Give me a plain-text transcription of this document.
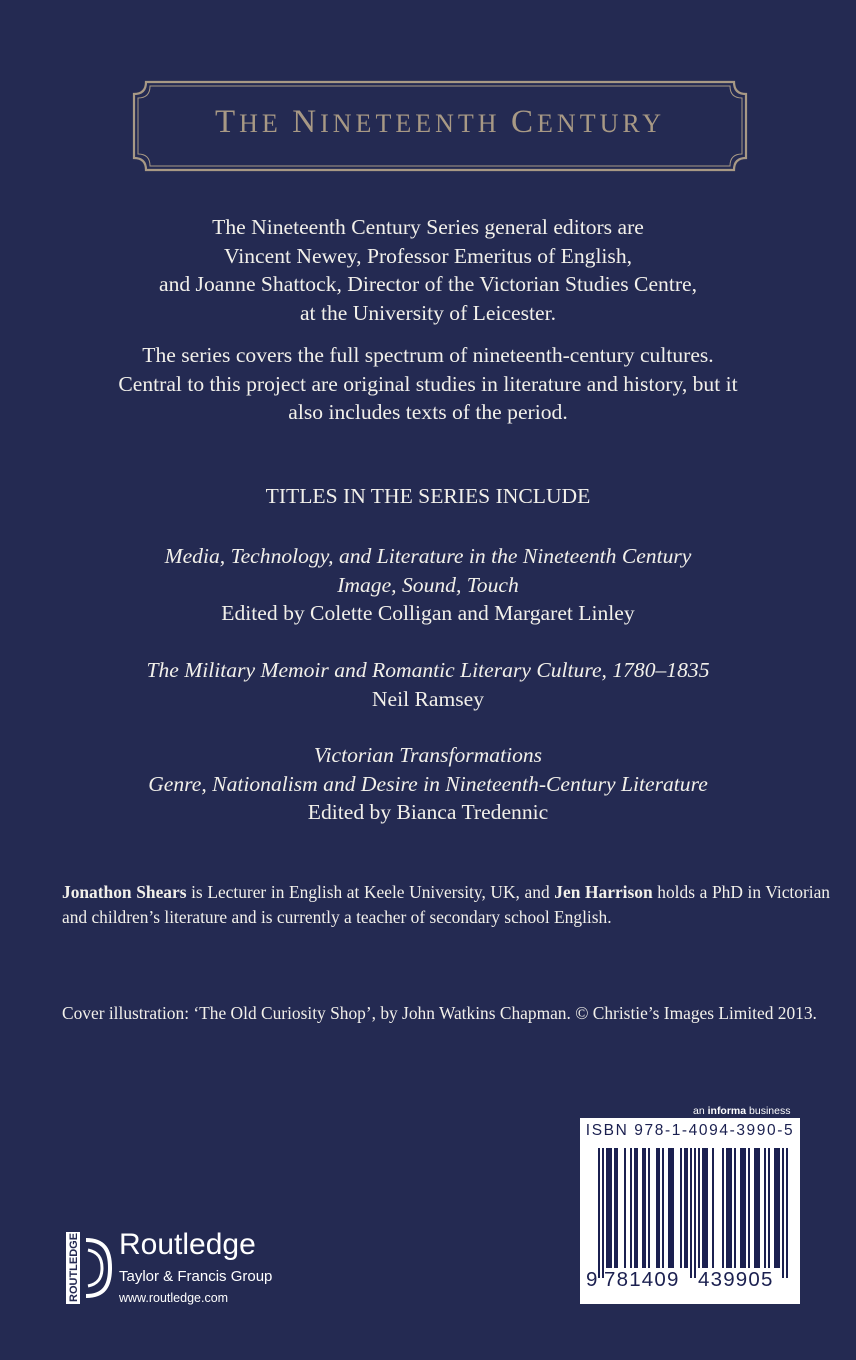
THE NINETEENTH CENTURY
The Nineteenth Century Series general editors are
Vincent Newey, Professor Emeritus of English,
and Joanne Shattock, Director of the Victorian Studies Centre,
at the University of Leicester.
The series covers the full spectrum of nineteenth-century cultures.
Central to this project are original studies in literature and history, but it
also includes texts of the period.
TITLES IN THE SERIES INCLUDE
Media, Technology, and Literature in the Nineteenth Century
Image, Sound, Touch
Edited by Colette Colligan and Margaret Linley
The Military Memoir and Romantic Literary Culture, 1780–1835
Neil Ramsey
Victorian Transformations
Genre, Nationalism and Desire in Nineteenth-Century Literature
Edited by Bianca Tredennic
Jonathon Shears is Lecturer in English at Keele University, UK, and Jen Harrison holds a PhD in Victorian and children’s literature and is currently a teacher of secondary school English.
Cover illustration: ‘The Old Curiosity Shop’, by John Watkins Chapman. © Christie’s Images Limited 2013.
an informa business
ISBN 978-1-4094-3990-5
9 781409 439905
ROUTLEDGE Routledge
Taylor & Francis Group
www.routledge.com
